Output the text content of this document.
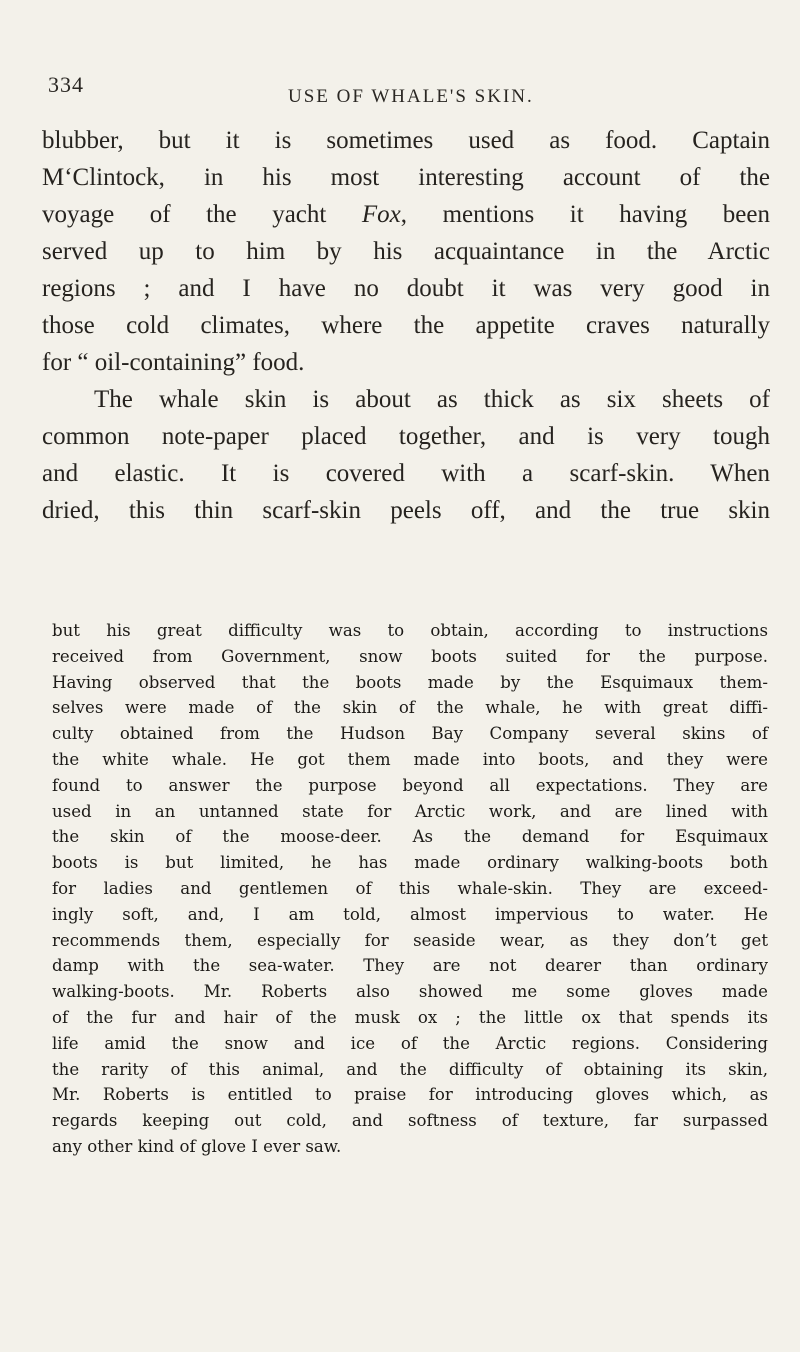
334	USE OF WHALE'S SKIN.

blubber, but it is sometimes used as food. Captain

M‘Clintock, in his most interesting account of the

voyage of the yacht Fox, mentions it having been

served up to him by his acquaintance in the Arctic

regions ; and I have no doubt it was very good in

those cold climates, where the appetite craves naturally

for “ oil-containing” food.

The whale skin is about as thick as six sheets of

common note-paper placed together, and is very tough

and elastic. It is covered with a scarf-skin. When

dried, this thin scarf-skin peels off, and the true skin

but his great difficulty was to obtain, according to instructions

received from Government, snow boots suited for the purpose.

Having observed that the boots made by the Esquimaux them-

selves were made of the skin of the whale, he with great diffi-

culty obtained from the Hudson Bay Company several skins of

the white whale. He got them made into boots, and they were

found to answer the purpose beyond all expectations. They are

used in an untanned state for Arctic work, and are lined with

the skin of the moose-deer. As the demand for Esquimaux

boots is but limited, he has made ordinary walking-boots both

for ladies and gentlemen of this whale-skin. They are exceed-

ingly soft, and, I am told, almost impervious to water. He

recommends them, especially for seaside wear, as they don’t get

damp with the sea-water. They are not dearer than ordinary

walking-boots. Mr. Roberts also showed me some gloves made

of the fur and hair of the musk ox ; the little ox that spends its

life amid the snow and ice of the Arctic regions. Considering

the rarity of this animal, and the difficulty of obtaining its skin,

Mr. Roberts is entitled to praise for introducing gloves which, as

regards keeping out cold, and softness of texture, far surpassed

any other kind of glove I ever saw.
